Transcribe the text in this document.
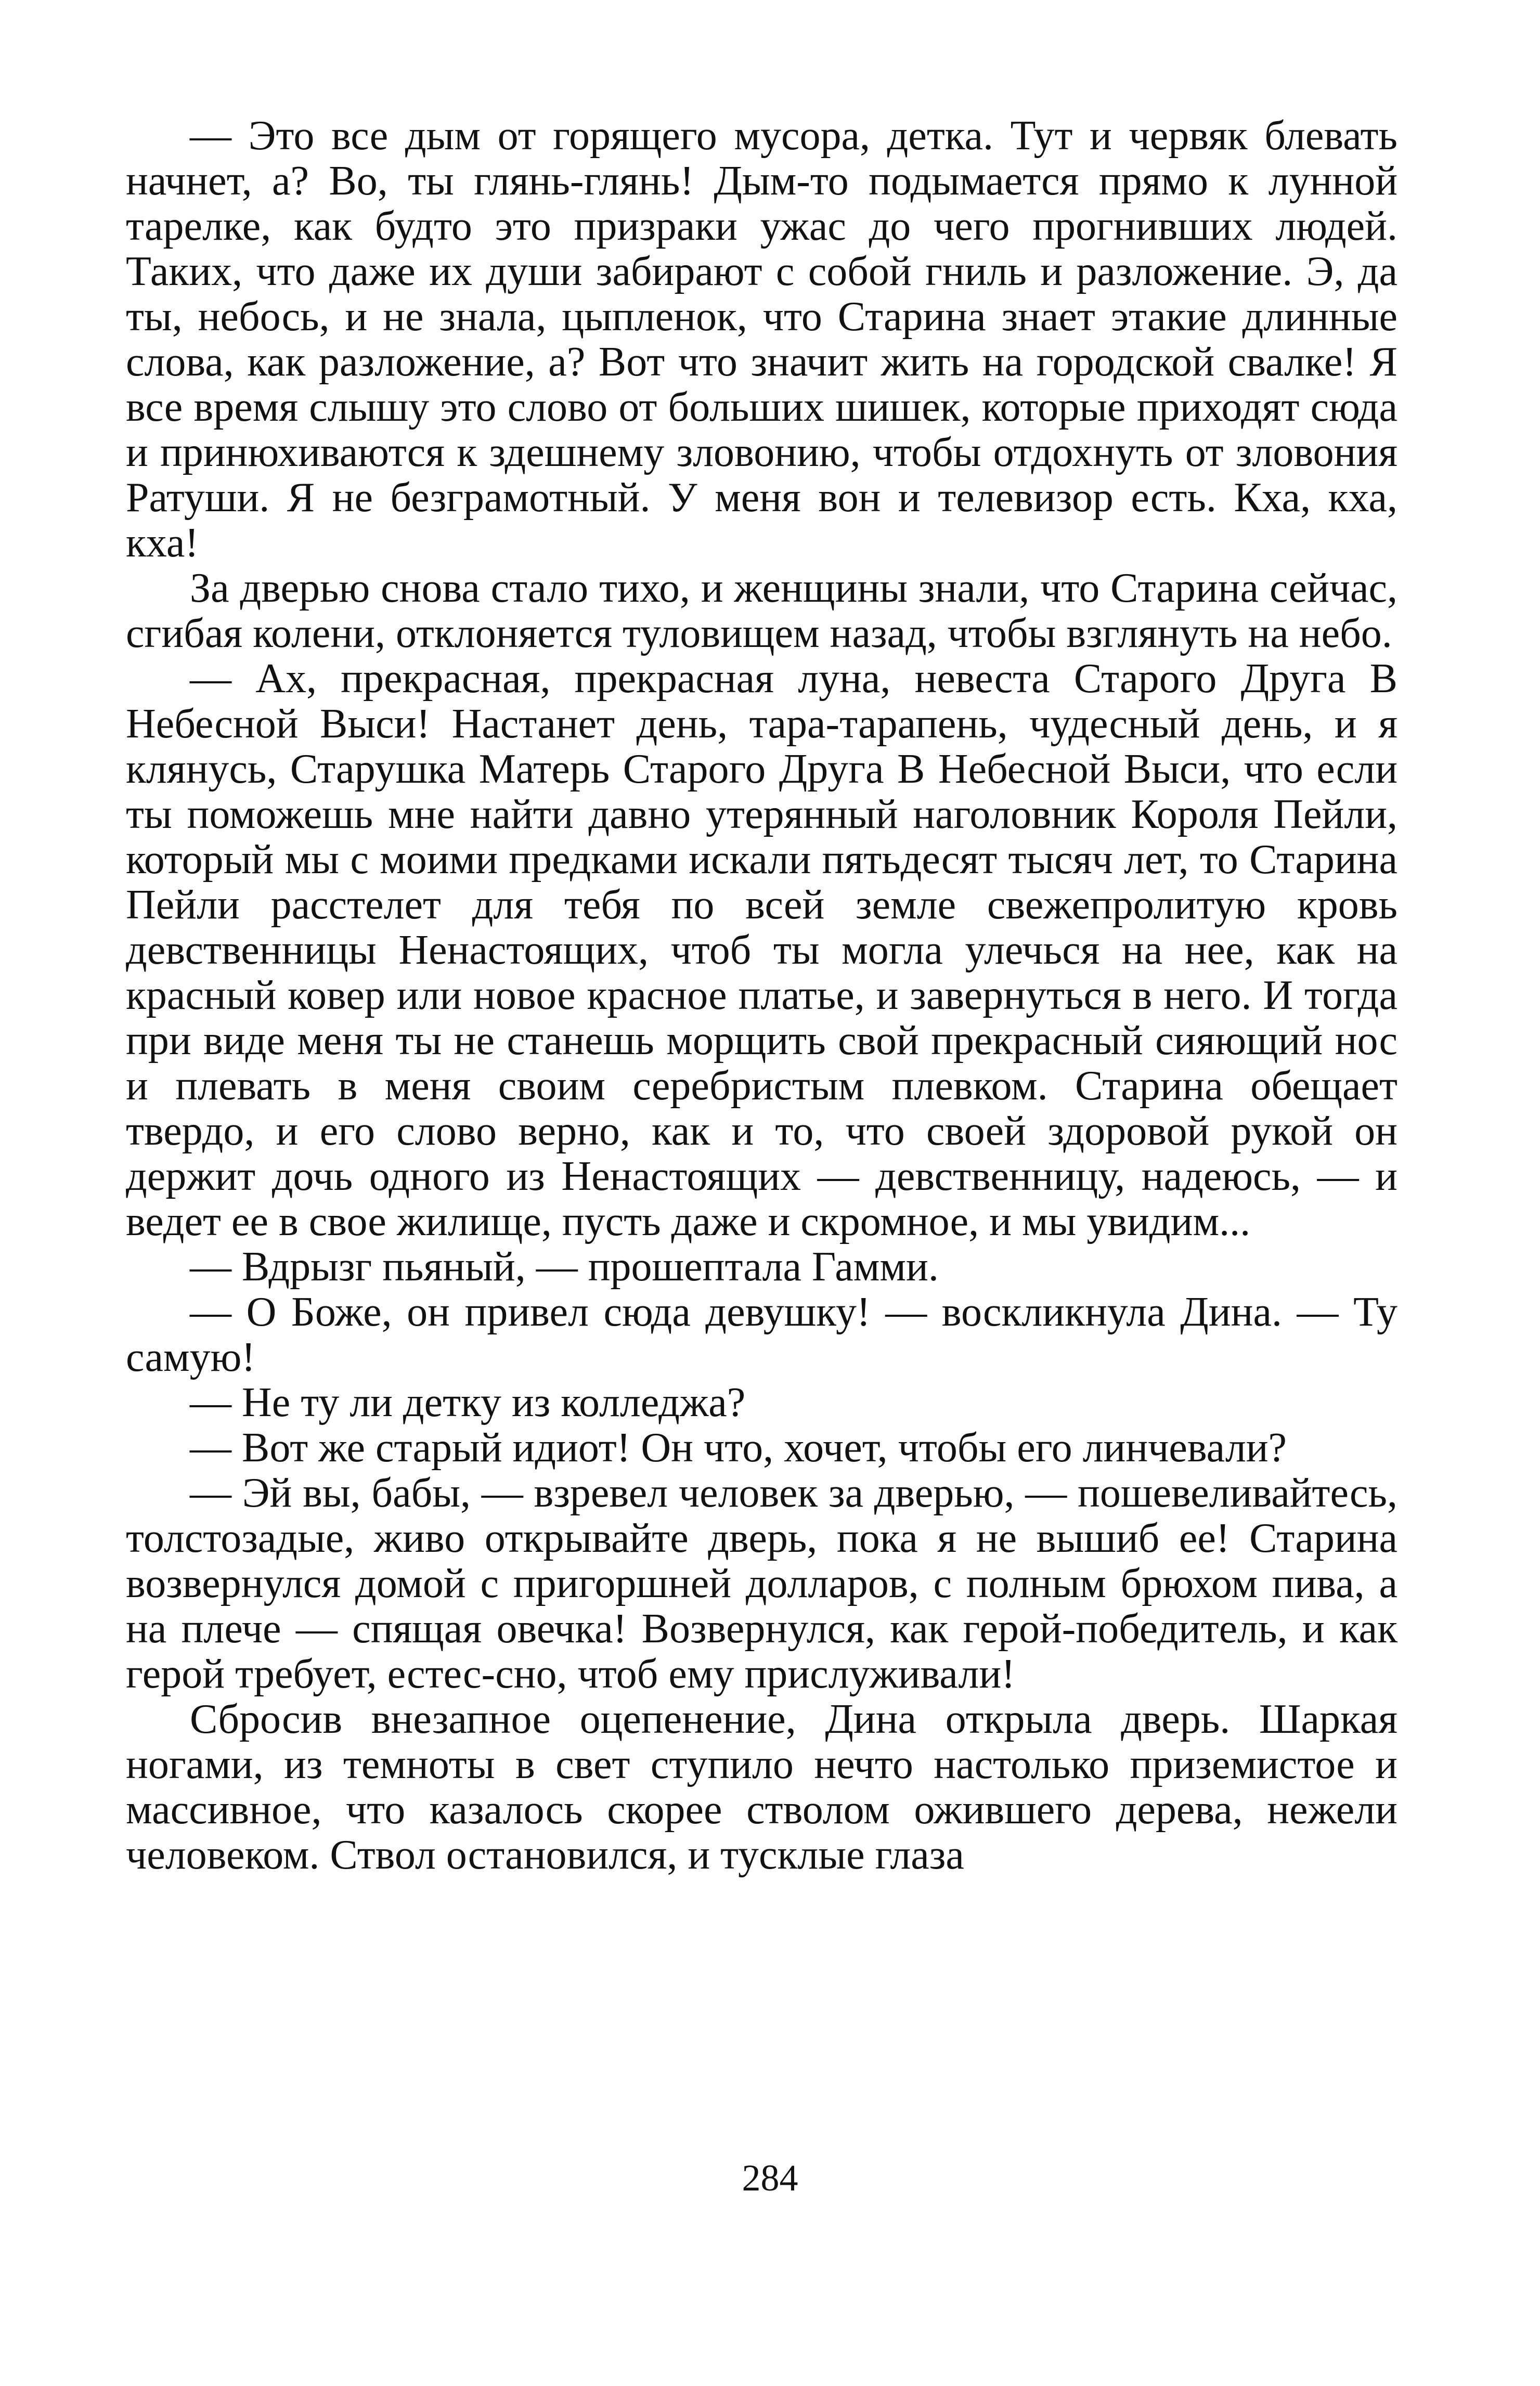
— Это все дым от горящего мусора, детка. Тут и червяк блевать начнет, а? Во, ты глянь-глянь! Дым-то подымается прямо к лунной тарелке, как будто это призраки ужас до чего прогнивших людей. Таких, что даже их души забирают с собой гниль и разложение. Э, да ты, небось, и не знала, цыпленок, что Старина знает этакие длинные слова, как разложение, а? Вот что значит жить на городской свалке! Я все время слышу это слово от больших шишек, которые приходят сюда и принюхиваются к здешнему зловонию, чтобы отдохнуть от зловония Ратуши. Я не безграмотный. У меня вон и телевизор есть. Кха, кха, кха!

За дверью снова стало тихо, и женщины знали, что Старина сейчас, сгибая колени, отклоняется туловищем назад, чтобы взглянуть на небо.

— Ах, прекрасная, прекрасная луна, невеста Старого Друга В Небесной Выси! Настанет день, тара-тарапень, чудесный день, и я клянусь, Старушка Матерь Старого Друга В Небесной Выси, что если ты поможешь мне найти давно утерянный наголовник Короля Пейли, который мы с моими предками искали пятьдесят тысяч лет, то Старина Пейли расстелет для тебя по всей земле свежепролитую кровь девственницы Ненастоящих, чтоб ты могла улечься на нее, как на красный ковер или новое красное платье, и завернуться в него. И тогда при виде меня ты не станешь морщить свой прекрасный сияющий нос и плевать в меня своим серебристым плевком. Старина обещает твердо, и его слово верно, как и то, что своей здоровой рукой он держит дочь одного из Ненастоящих — девственницу, надеюсь, — и ведет ее в свое жилище, пусть даже и скромное, и мы увидим...

— Вдрызг пьяный, — прошептала Гамми.

— О Боже, он привел сюда девушку! — воскликнула Дина. — Ту самую!

— Не ту ли детку из колледжа?

— Вот же старый идиот! Он что, хочет, чтобы его линчевали?

— Эй вы, бабы, — взревел человек за дверью, — пошевеливайтесь, толстозадые, живо открывайте дверь, пока я не вышиб ее! Старина возвернулся домой с пригоршней долларов, с полным брюхом пива, а на плече — спящая овечка! Возвернулся, как герой-победитель, и как герой требует, естес-сно, чтоб ему прислуживали!

Сбросив внезапное оцепенение, Дина открыла дверь. Шаркая ногами, из темноты в свет ступило нечто настолько приземистое и массивное, что казалось скорее стволом ожившего дерева, нежели человеком. Ствол остановился, и тусклые глаза

284
